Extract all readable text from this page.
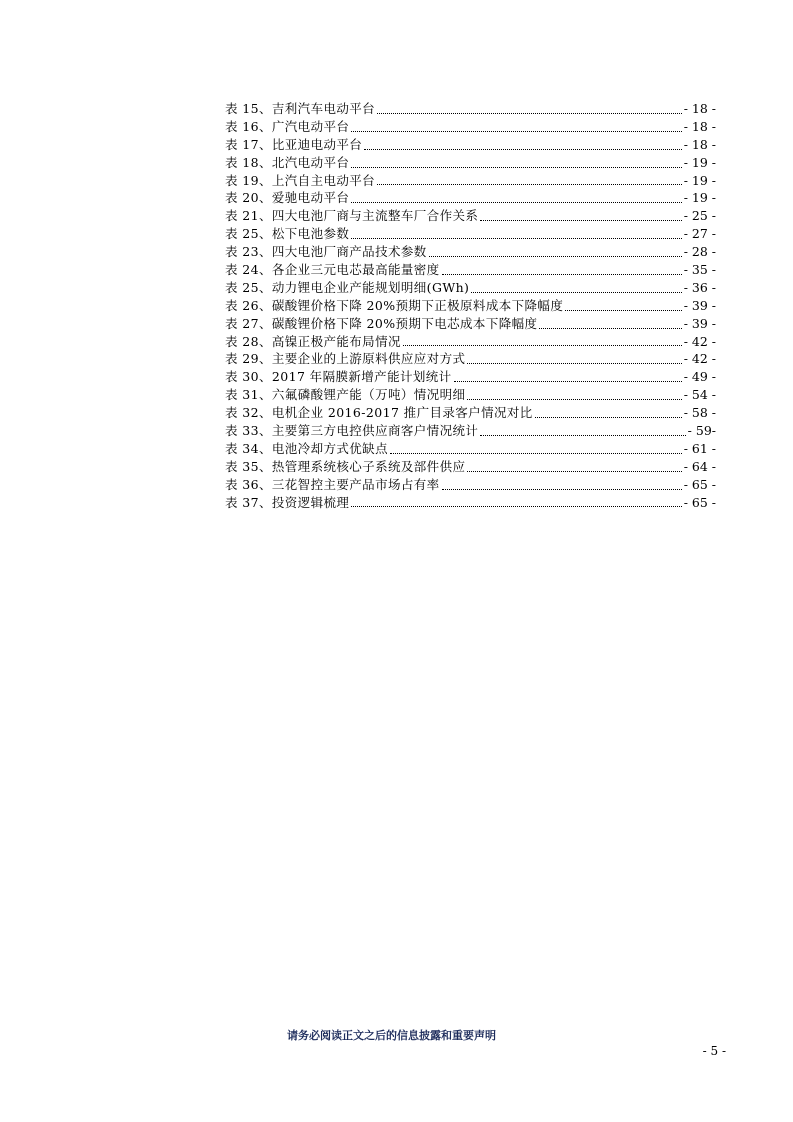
表 15、吉利汽车电动平台	- 18 -
表 16、广汽电动平台	- 18 -
表 17、比亚迪电动平台	- 18 -
表 18、北汽电动平台	- 19 -
表 19、上汽自主电动平台	- 19 -
表 20、爱驰电动平台	- 19 -
表 21、四大电池厂商与主流整车厂合作关系	- 25 -
表 25、松下电池参数	- 27 -
表 23、四大电池厂商产品技术参数	- 28 -
表 24、各企业三元电芯最高能量密度	- 35 -
表 25、动力锂电企业产能规划明细(GWh)	- 36 -
表 26、碳酸锂价格下降 20%预期下正极原料成本下降幅度	- 39 -
表 27、碳酸锂价格下降 20%预期下电芯成本下降幅度	- 39 -
表 28、高镍正极产能布局情况	- 42 -
表 29、主要企业的上游原料供应应对方式	- 42 -
表 30、2017 年隔膜新增产能计划统计	- 49 -
表 31、六氟磷酸锂产能（万吨）情况明细	- 54 -
表 32、电机企业 2016-2017 推广目录客户情况对比	- 58 -
表 33、主要第三方电控供应商客户情况统计	- 59-
表 34、电池冷却方式优缺点	- 61 -
表 35、热管理系统核心子系统及部件供应	- 64 -
表 36、三花智控主要产品市场占有率	- 65 -
表 37、投资逻辑梳理	- 65 -

请务必阅读正文之后的信息披露和重要声明

- 5 -
